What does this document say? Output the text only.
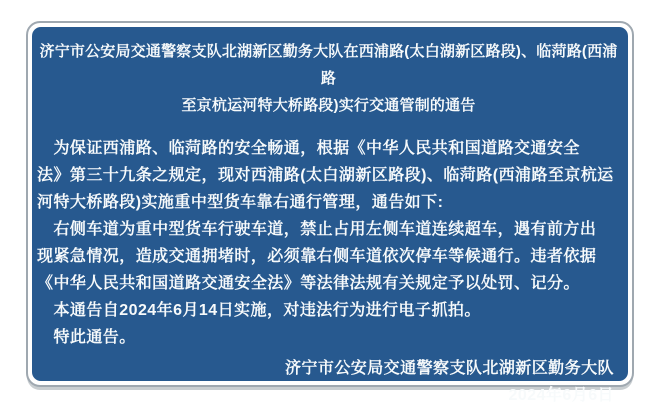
济宁市公安局交通警察支队北湖新区勤务大队在西浦路(太白湖新区路段)、临菏路(西浦路
至京杭运河特大桥路段)实行交通管制的通告
　为保证西浦路、临菏路的安全畅通，根据《中华人民共和国道路交通安全
法》第三十九条之规定，现对西浦路(太白湖新区路段)、临菏路(西浦路至京杭运
河特大桥路段)实施重中型货车靠右通行管理，通告如下:
　右侧车道为重中型货车行驶车道，禁止占用左侧车道连续超车，遇有前方出
现紧急情况，造成交通拥堵时，必须靠右侧车道依次停车等候通行。违者依据
《中华人民共和国道路交通安全法》等法律法规有关规定予以处罚、记分。
　本通告自2024年6月14日实施，对违法行为进行电子抓拍。
　特此通告。
济宁市公安局交通警察支队北湖新区勤务大队
2024年6月6日
